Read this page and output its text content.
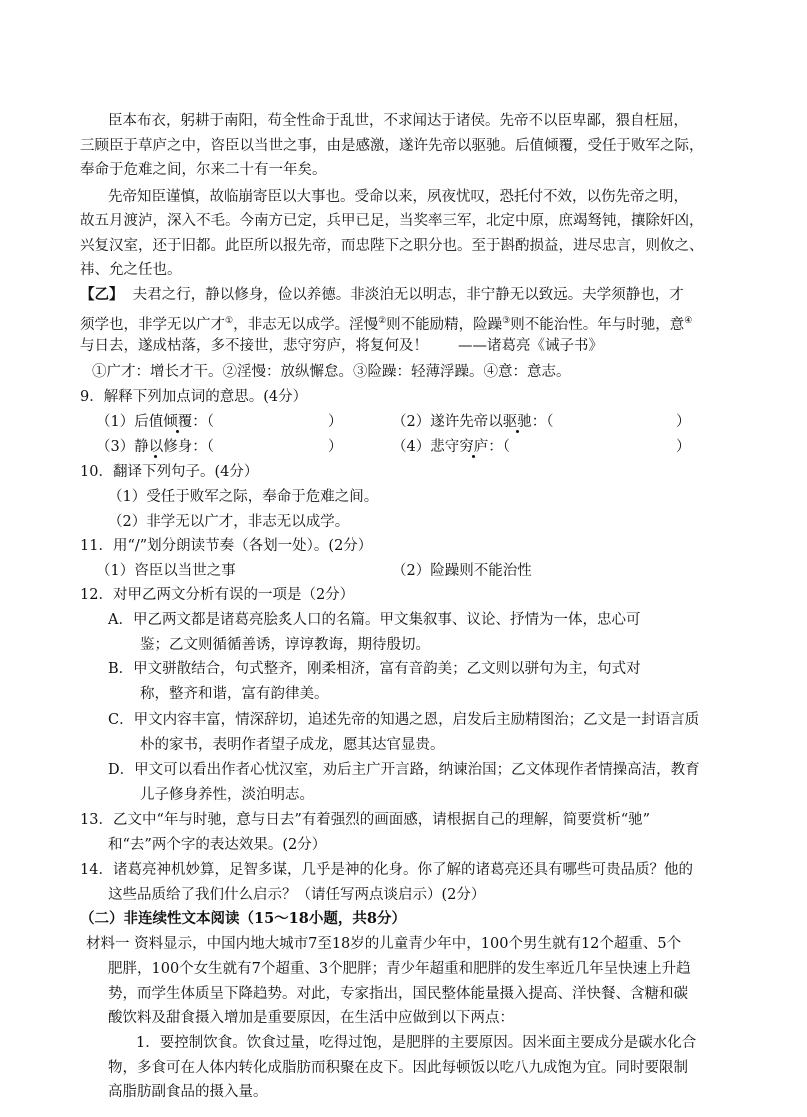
臣本布衣，躬耕于南阳，苟全性命于乱世，不求闻达于诸侯。先帝不以臣卑鄙，猥自枉屈，
三顾臣于草庐之中，咨臣以当世之事，由是感激，遂许先帝以驱驰。后值倾覆，受任于败军之际，
奉命于危难之间，尔来二十有一年矣。
先帝知臣谨慎，故临崩寄臣以大事也。受命以来，夙夜忧叹，恐托付不效，以伤先帝之明，
故五月渡泸，深入不毛。今南方已定，兵甲已足，当奖率三军，北定中原，庶竭驽钝，攘除奸凶，
兴复汉室，还于旧都。此臣所以报先帝，而忠陛下之职分也。至于斟酌损益，进尽忠言，则攸之、
祎、允之任也。
【乙】 夫君之行，静以修身，俭以养德。非淡泊无以明志，非宁静无以致远。夫学须静也，才
须学也，非学无以广才①，非志无以成学。淫慢②则不能励精，险躁③则不能治性。年与时驰，意④
与日去，遂成枯落，多不接世，悲守穷庐，将复何及！ ——诸葛亮《诫子书》
①广才：增长才干。②淫慢：放纵懈怠。③险躁：轻薄浮躁。④意：意志。
9．解释下列加点词的意思。(4分）
（1）后值倾覆：（	）	（2）遂许先帝以驱驰：（	）
（3）静以修身：（	）	（4）悲守穷庐：（	）
10．翻译下列句子。(4分）
（1）受任于败军之际，奉命于危难之间。
（2）非学无以广才，非志无以成学。
11．用“/”划分朗读节奏（各划一处）。(2分）
（1）咨臣以当世之事	（2）险躁则不能治性
12．对甲乙两文分析有误的一项是（2分）
A．甲乙两文都是诸葛亮脍炙人口的名篇。甲文集叙事、议论、抒情为一体，忠心可
鉴；乙文则循循善诱，谆谆教诲，期待殷切。
B．甲文骈散结合，句式整齐，刚柔相济，富有音韵美；乙文则以骈句为主，句式对
称，整齐和谐，富有韵律美。
C．甲文内容丰富，情深辞切，追述先帝的知遇之恩，启发后主励精图治；乙文是一封语言质
朴的家书，表明作者望子成龙，愿其达官显贵。
D．甲文可以看出作者心忧汉室，劝后主广开言路，纳谏治国；乙文体现作者情操高洁，教育
儿子修身养性，淡泊明志。
13．乙文中“年与时驰，意与日去”有着强烈的画面感，请根据自己的理解，简要赏析“驰”
和“去”两个字的表达效果。(2分）
14．诸葛亮神机妙算，足智多谋，几乎是神的化身。你了解的诸葛亮还具有哪些可贵品质？他的
这些品质给了我们什么启示？（请任写两点谈启示）(2分）
（二）非连续性文本阅读（15～18小题，共8分）
材料一 资料显示，中国内地大城市7至18岁的儿童青少年中，100个男生就有12个超重、5个
肥胖，100个女生就有7个超重、3个肥胖；青少年超重和肥胖的发生率近几年呈快速上升趋
势，而学生体质呈下降趋势。对此，专家指出，国民整体能量摄入提高、洋快餐、含糖和碳
酸饮料及甜食摄入增加是重要原因，在生活中应做到以下两点：
1．要控制饮食。饮食过量，吃得过饱，是肥胖的主要原因。因米面主要成分是碳水化合
物，多食可在人体内转化成脂肪而积聚在皮下。因此每顿饭以吃八九成饱为宜。同时要限制
高脂肪副食品的摄入量。
